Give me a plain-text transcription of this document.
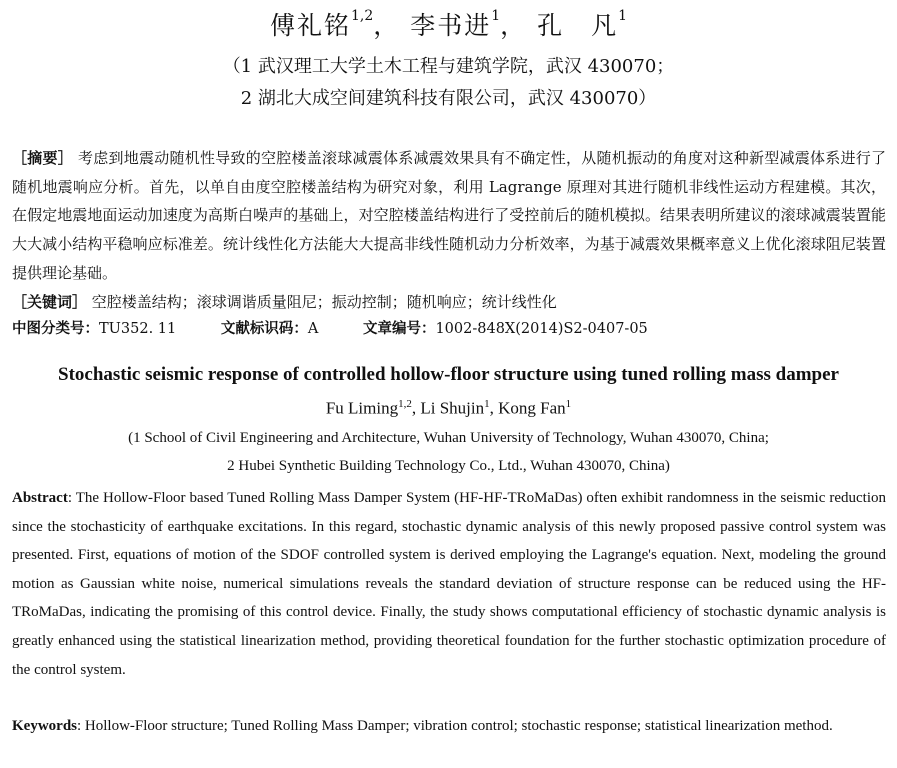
傅礼铭$^{1,2}$， 李书进$^1$， 孔　凡$^1$
（1 武汉理工大学土木工程与建筑学院，武汉 430070；
2 湖北大成空间建筑科技有限公司，武汉 430070）
［摘要］ 考虑到地震动随机性导致的空腔楼盖滚球减震体系减震效果具有不确定性，从随机振动的角度对这种新型减震体系进行了随机地震响应分析。首先，以单自由度空腔楼盖结构为研究对象，利用 Lagrange 原理对其进行随机非线性运动方程建模。其次，在假定地震地面运动加速度为高斯白噪声的基础上，对空腔楼盖结构进行了受控前后的随机模拟。结果表明所建议的滚球减震装置能大大减小结构平稳响应标准差。统计线性化方法能大大提高非线性随机动力分析效率，为基于减震效果概率意义上优化滚球阻尼装置提供理论基础。
［关键词］ 空腔楼盖结构；滚球调谐质量阻尼；振动控制；随机响应；统计线性化
中图分类号：TU352. 11	文献标识码：A	文章编号：1002-848X(2014)S2-0407-05
Stochastic seismic response of controlled hollow-floor structure using tuned rolling mass damper
Fu Liming$^{1,2}$, Li Shujin$^1$, Kong Fan$^1$
(1 School of Civil Engineering and Architecture, Wuhan University of Technology, Wuhan 430070, China;
2 Hubei Synthetic Building Technology Co., Ltd., Wuhan 430070, China)
Abstract: The Hollow-Floor based Tuned Rolling Mass Damper System (HF-HF-TRoMaDas) often exhibit randomness in the seismic reduction since the stochasticity of earthquake excitations. In this regard, stochastic dynamic analysis of this newly proposed passive control system was presented. First, equations of motion of the SDOF controlled system is derived employing the Lagrange's equation. Next, modeling the ground motion as Gaussian white noise, numerical simulations reveals the standard deviation of structure response can be reduced using the HF-TRoMaDas, indicating the promising of this control device. Finally, the study shows computational efficiency of stochastic dynamic analysis is greatly enhanced using the statistical linearization method, providing theoretical foundation for the further stochastic optimization procedure of the control system.
Keywords: Hollow-Floor structure; Tuned Rolling Mass Damper; vibration control; stochastic response; statistical linearization method.
